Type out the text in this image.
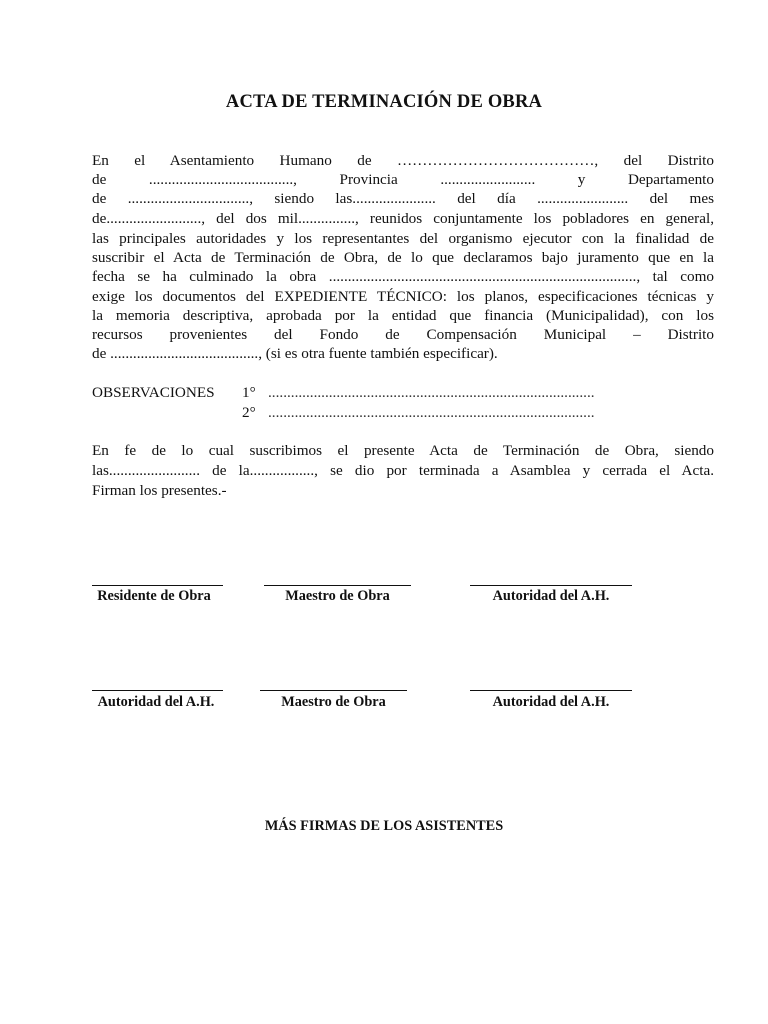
ACTA DE TERMINACIÓN DE OBRA
En el Asentamiento Humano de …………………………………, del Distrito
de ......................................, Provincia ......................... y Departamento
de ................................, siendo las...................... del día ........................ del mes
de........................., del dos mil..............., reunidos conjuntamente los pobladores en general,
las principales autoridades y los representantes del organismo ejecutor con la finalidad de
suscribir el Acta de Terminación de Obra, de lo que declaramos bajo juramento que en la
fecha se ha culminado la obra ................................................................................., tal como
exige los documentos del EXPEDIENTE TÉCNICO: los planos, especificaciones técnicas y
la memoria descriptiva, aprobada por la entidad que financia (Municipalidad), con los
recursos provenientes del Fondo de Compensación Municipal – Distrito
de ......................................., (si es otra fuente también especificar).
OBSERVACIONES 1° ......................................................................................
2° ......................................................................................
En fe de lo cual suscribimos el presente Acta de Terminación de Obra, siendo
las........................ de la................., se dio por terminada a Asamblea y cerrada el Acta.
Firman los presentes.-
Residente de Obra	Maestro de Obra	Autoridad del A.H.
Autoridad del A.H.	Maestro de Obra	Autoridad del A.H.
MÁS FIRMAS DE LOS ASISTENTES
